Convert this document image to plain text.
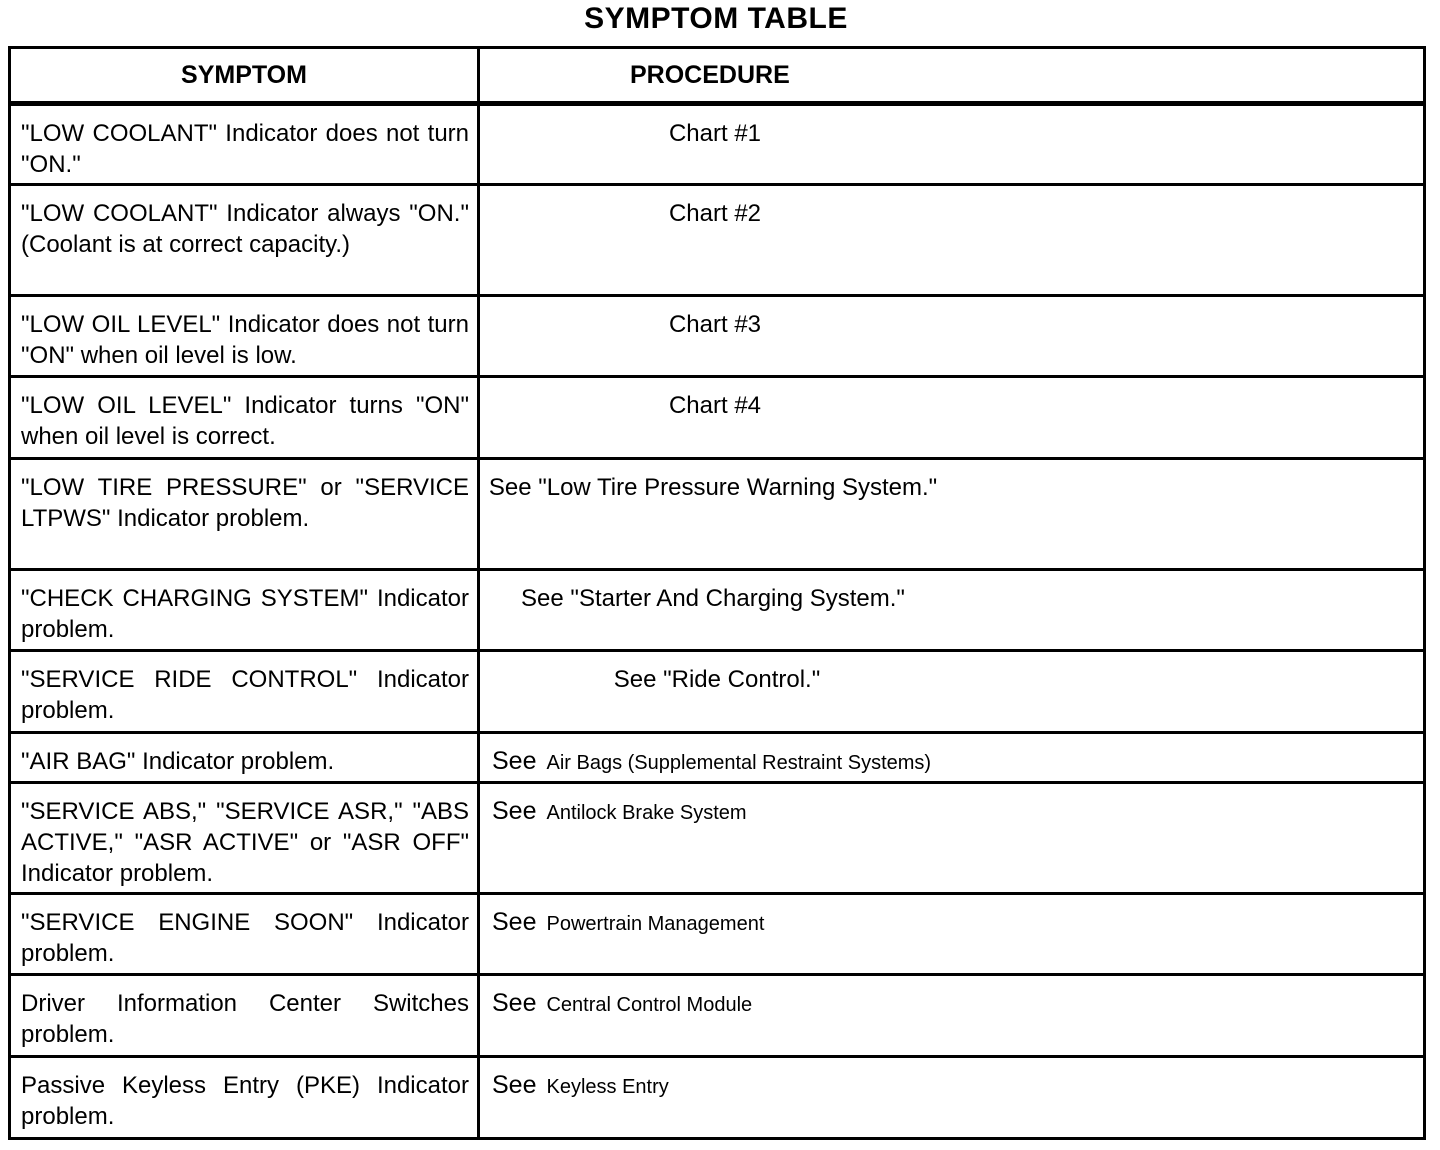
SYMPTOM TABLE
SYMPTOM	PROCEDURE
"LOW COOLANT" Indicator does not turn "ON."	Chart #1

"LOW COOLANT" Indicator always "ON." (Coolant is at correct capacity.)	Chart #2

"LOW OIL LEVEL" Indicator does not turn "ON" when oil level is low.	Chart #3

"LOW OIL LEVEL" Indicator turns "ON" when oil level is correct.	Chart #4

"LOW TIRE PRESSURE" or "SERVICE LTPWS" Indicator problem.	See "Low Tire Pressure Warning System."

"CHECK CHARGING SYSTEM" Indicator problem.	See "Starter And Charging System."

"SERVICE RIDE CONTROL" Indicator problem.	See "Ride Control."

"AIR BAG" Indicator problem.	See Air Bags (Supplemental Restraint Systems)

"SERVICE ABS," "SERVICE ASR," "ABS ACTIVE," "ASR ACTIVE" or "ASR OFF" Indicator problem.	See Antilock Brake System

"SERVICE ENGINE SOON" Indicator problem.	See Powertrain Management

Driver Information Center Switches problem.	See Central Control Module

Passive Keyless Entry (PKE) Indicator problem.	See Keyless Entry
